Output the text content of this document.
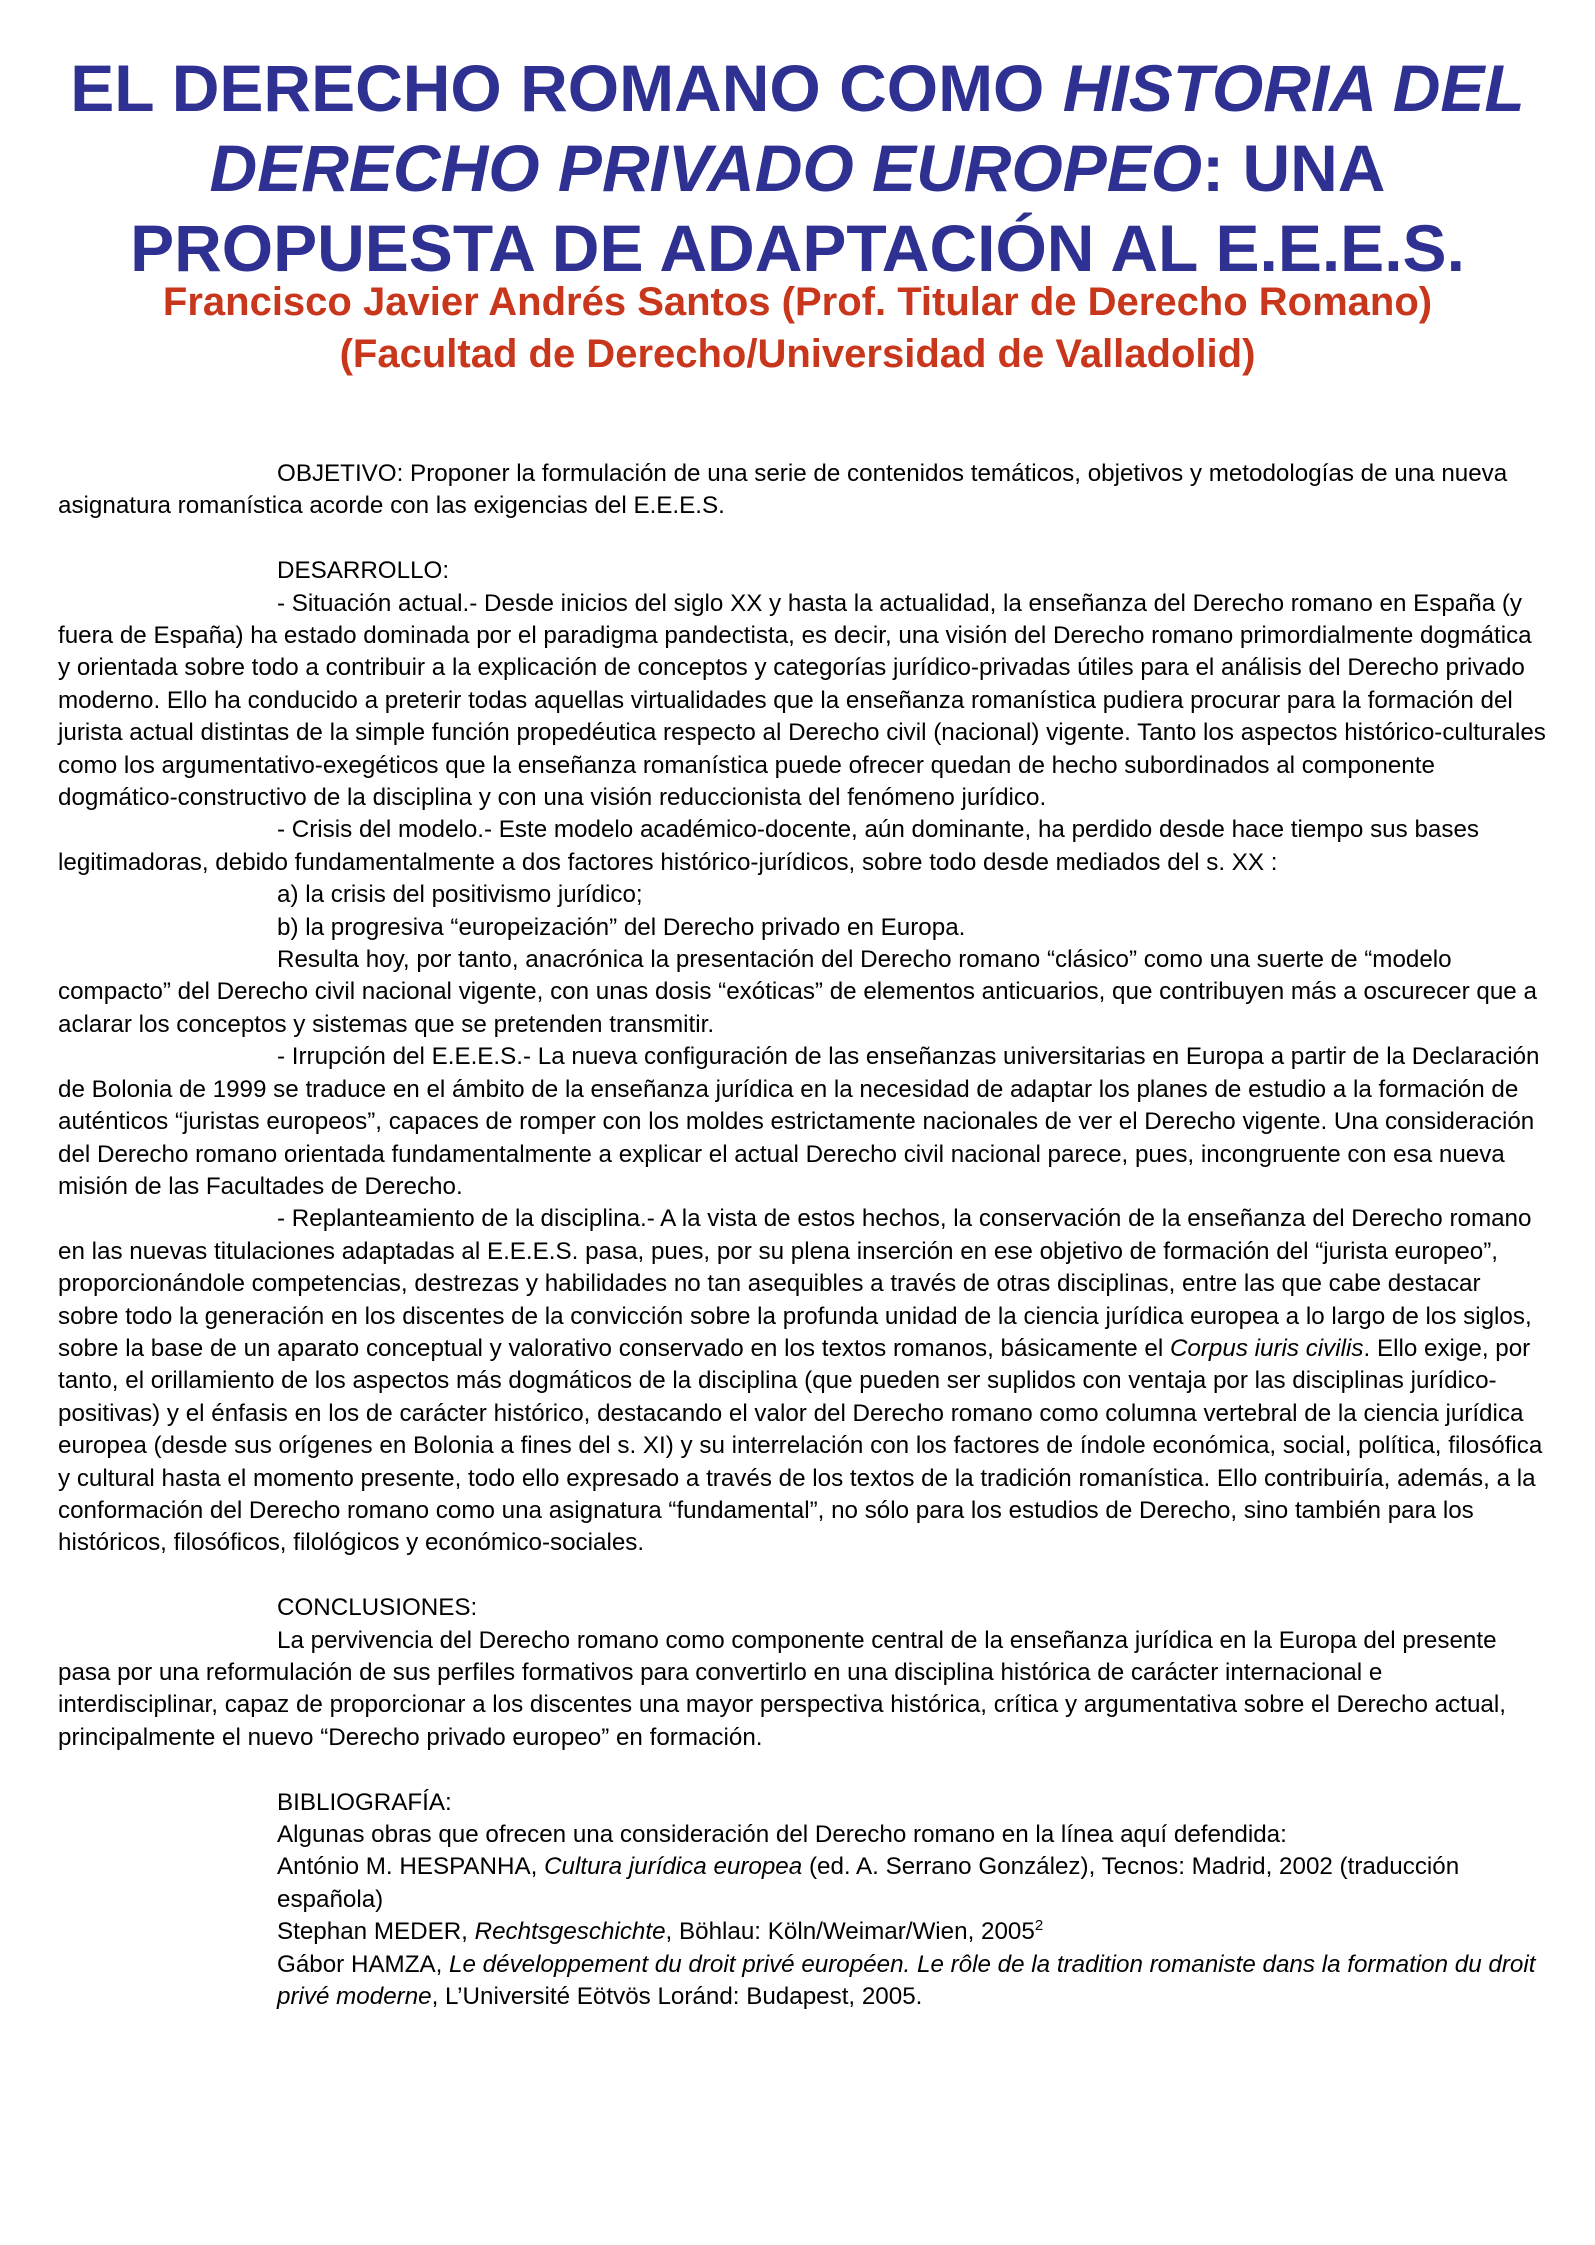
EL DERECHO ROMANO COMO HISTORIA DEL DERECHO PRIVADO EUROPEO: UNA PROPUESTA DE ADAPTACIÓN AL E.E.E.S.
Francisco Javier Andrés Santos (Prof. Titular de Derecho Romano)
(Facultad de Derecho/Universidad de Valladolid)

OBJETIVO: Proponer la formulación de una serie de contenidos temáticos, objetivos y metodologías de una nueva asignatura romanística acorde con las exigencias del E.E.E.S.

DESARROLLO:

- Situación actual.- Desde inicios del siglo XX y hasta la actualidad, la enseñanza del Derecho romano en España (y fuera de España) ha estado dominada por el paradigma pandectista, es decir, una visión del Derecho romano primordialmente dogmática y orientada sobre todo a contribuir a la explicación de conceptos y categorías jurídico-privadas útiles para el análisis del Derecho privado moderno. Ello ha conducido a preterir todas aquellas virtualidades que la enseñanza romanística pudiera procurar para la formación del jurista actual distintas de la simple función propedéutica respecto al Derecho civil (nacional) vigente. Tanto los aspectos histórico-culturales como los argumentativo-exegéticos que la enseñanza romanística puede ofrecer quedan de hecho subordinados al componente dogmático-constructivo de la disciplina y con una visión reduccionista del fenómeno jurídico.

- Crisis del modelo.- Este modelo académico-docente, aún dominante, ha perdido desde hace tiempo sus bases legitimadoras, debido fundamentalmente a dos factores histórico-jurídicos, sobre todo desde mediados del s. XX :

a) la crisis del positivismo jurídico;

b) la progresiva “europeización” del Derecho privado en Europa.

Resulta hoy, por tanto, anacrónica la presentación del Derecho romano “clásico” como una suerte de “modelo compacto” del Derecho civil nacional vigente, con unas dosis “exóticas” de elementos anticuarios, que contribuyen más a oscurecer que a aclarar los conceptos y sistemas que se pretenden transmitir.

- Irrupción del E.E.E.S.- La nueva configuración de las enseñanzas universitarias en Europa a partir de la Declaración de Bolonia de 1999 se traduce en el ámbito de la enseñanza jurídica en la necesidad de adaptar los planes de estudio a la formación de auténticos “juristas europeos”, capaces de romper con los moldes estrictamente nacionales de ver el Derecho vigente. Una consideración del Derecho romano orientada fundamentalmente a explicar el actual Derecho civil nacional parece, pues, incongruente con esa nueva misión de las Facultades de Derecho.

- Replanteamiento de la disciplina.- A la vista de estos hechos, la conservación de la enseñanza del Derecho romano en las nuevas titulaciones adaptadas al E.E.E.S. pasa, pues, por su plena inserción en ese objetivo de formación del “jurista europeo”, proporcionándole competencias, destrezas y habilidades no tan asequibles a través de otras disciplinas, entre las que cabe destacar sobre todo la generación en los discentes de la convicción sobre la profunda unidad de la ciencia jurídica europea a lo largo de los siglos, sobre la base de un aparato conceptual y valorativo conservado en los textos romanos, básicamente el Corpus iuris civilis. Ello exige, por tanto, el orillamiento de los aspectos más dogmáticos de la disciplina (que pueden ser suplidos con ventaja por las disciplinas jurídico-positivas) y el énfasis en los de carácter histórico, destacando el valor del Derecho romano como columna vertebral de la ciencia jurídica europea (desde sus orígenes en Bolonia a fines del s. XI) y su interrelación con los factores de índole económica, social, política, filosófica y cultural hasta el momento presente, todo ello expresado a través de los textos de la tradición romanística. Ello contribuiría, además, a la conformación del Derecho romano como una asignatura “fundamental”, no sólo para los estudios de Derecho, sino también para los históricos, filosóficos, filológicos y económico-sociales.

CONCLUSIONES:

La pervivencia del Derecho romano como componente central de la enseñanza jurídica en la Europa del presente pasa por una reformulación de sus perfiles formativos para convertirlo en una disciplina histórica de carácter internacional e interdisciplinar, capaz de proporcionar a los discentes una mayor perspectiva histórica, crítica y argumentativa sobre el Derecho actual, principalmente el nuevo “Derecho privado europeo” en formación.

BIBLIOGRAFÍA:

Algunas obras que ofrecen una consideración del Derecho romano en la línea aquí defendida:

António M. HESPANHA, Cultura jurídica europea (ed. A. Serrano González), Tecnos: Madrid, 2002 (traducción española)

Stephan MEDER, Rechtsgeschichte, Böhlau: Köln/Weimar/Wien, 2005$^2$

Gábor HAMZA, Le développement du droit privé européen. Le rôle de la tradition romaniste dans la formation du droit privé moderne, L’Université Eötvös Loránd: Budapest, 2005.
